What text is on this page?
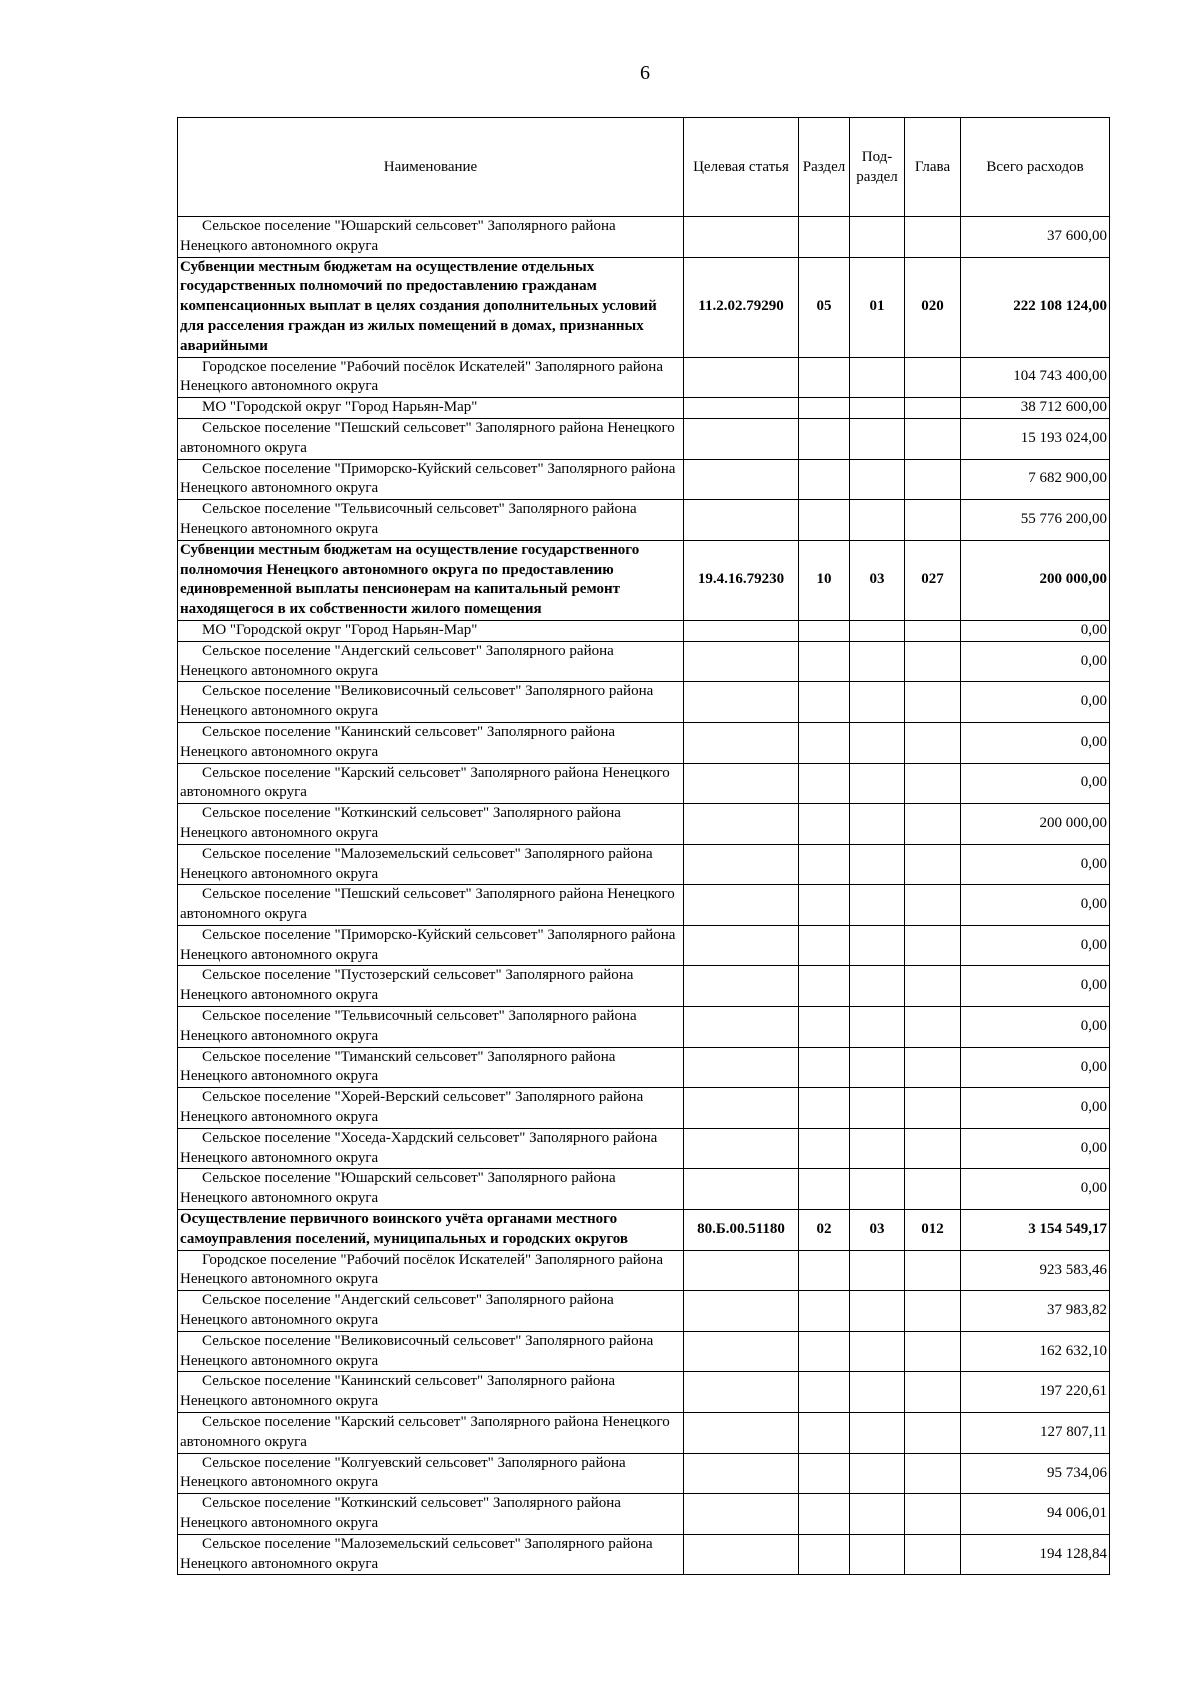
6
Наименование	Целевая статья	Раздел	Под-раздел	Глава	Всего расходов

Сельское поселение "Юшарский сельсовет" Заполярного района Ненецкого автономного округа					37 600,00

Субвенции местным бюджетам на осуществление отдельных государственных полномочий по предоставлению гражданам компенсационных выплат в целях создания дополнительных условий для расселения граждан из жилых помещений в домах, признанных аварийными	11.2.02.79290	05	01	020	222 108 124,00

Городское поселение "Рабочий посёлок Искателей" Заполярного района Ненецкого автономного округа					104 743 400,00

МО "Городской округ "Город Нарьян-Мар"					38 712 600,00

Сельское поселение "Пешский сельсовет" Заполярного района Ненецкого автономного округа					15 193 024,00

Сельское поселение "Приморско-Куйский сельсовет" Заполярного района Ненецкого автономного округа					7 682 900,00

Сельское поселение "Тельвисочный сельсовет" Заполярного района Ненецкого автономного округа					55 776 200,00

Субвенции местным бюджетам на осуществление государственного полномочия Ненецкого автономного округа по предоставлению единовременной выплаты пенсионерам на капитальный ремонт находящегося в их собственности жилого помещения	19.4.16.79230	10	03	027	200 000,00

МО "Городской округ "Город Нарьян-Мар"					0,00

Сельское поселение "Андегский сельсовет" Заполярного района Ненецкого автономного округа					0,00

Сельское поселение "Великовисочный сельсовет" Заполярного района Ненецкого автономного округа					0,00

Сельское поселение "Канинский сельсовет" Заполярного района Ненецкого автономного округа					0,00

Сельское поселение "Карский сельсовет" Заполярного района Ненецкого автономного округа					0,00

Сельское поселение "Коткинский сельсовет" Заполярного района Ненецкого автономного округа					200 000,00

Сельское поселение "Малоземельский сельсовет" Заполярного района Ненецкого автономного округа					0,00

Сельское поселение "Пешский сельсовет" Заполярного района Ненецкого автономного округа					0,00

Сельское поселение "Приморско-Куйский сельсовет" Заполярного района Ненецкого автономного округа					0,00

Сельское поселение "Пустозерский сельсовет" Заполярного района Ненецкого автономного округа					0,00

Сельское поселение "Тельвисочный сельсовет" Заполярного района Ненецкого автономного округа					0,00

Сельское поселение "Тиманский сельсовет" Заполярного района Ненецкого автономного округа					0,00

Сельское поселение "Хорей-Верский сельсовет" Заполярного района Ненецкого автономного округа					0,00

Сельское поселение "Хоседа-Хардский сельсовет" Заполярного района Ненецкого автономного округа					0,00

Сельское поселение "Юшарский сельсовет" Заполярного района Ненецкого автономного округа					0,00

Осуществление первичного воинского учёта органами местного самоуправления поселений, муниципальных и городских округов	80.Б.00.51180	02	03	012	3 154 549,17

Городское поселение "Рабочий посёлок Искателей" Заполярного района Ненецкого автономного округа					923 583,46

Сельское поселение "Андегский сельсовет" Заполярного района Ненецкого автономного округа					37 983,82

Сельское поселение "Великовисочный сельсовет" Заполярного района Ненецкого автономного округа					162 632,10

Сельское поселение "Канинский сельсовет" Заполярного района Ненецкого автономного округа					197 220,61

Сельское поселение "Карский сельсовет" Заполярного района Ненецкого автономного округа					127 807,11

Сельское поселение "Колгуевский сельсовет" Заполярного района Ненецкого автономного округа					95 734,06

Сельское поселение "Коткинский сельсовет" Заполярного района Ненецкого автономного округа					94 006,01

Сельское поселение "Малоземельский сельсовет" Заполярного района Ненецкого автономного округа					194 128,84
